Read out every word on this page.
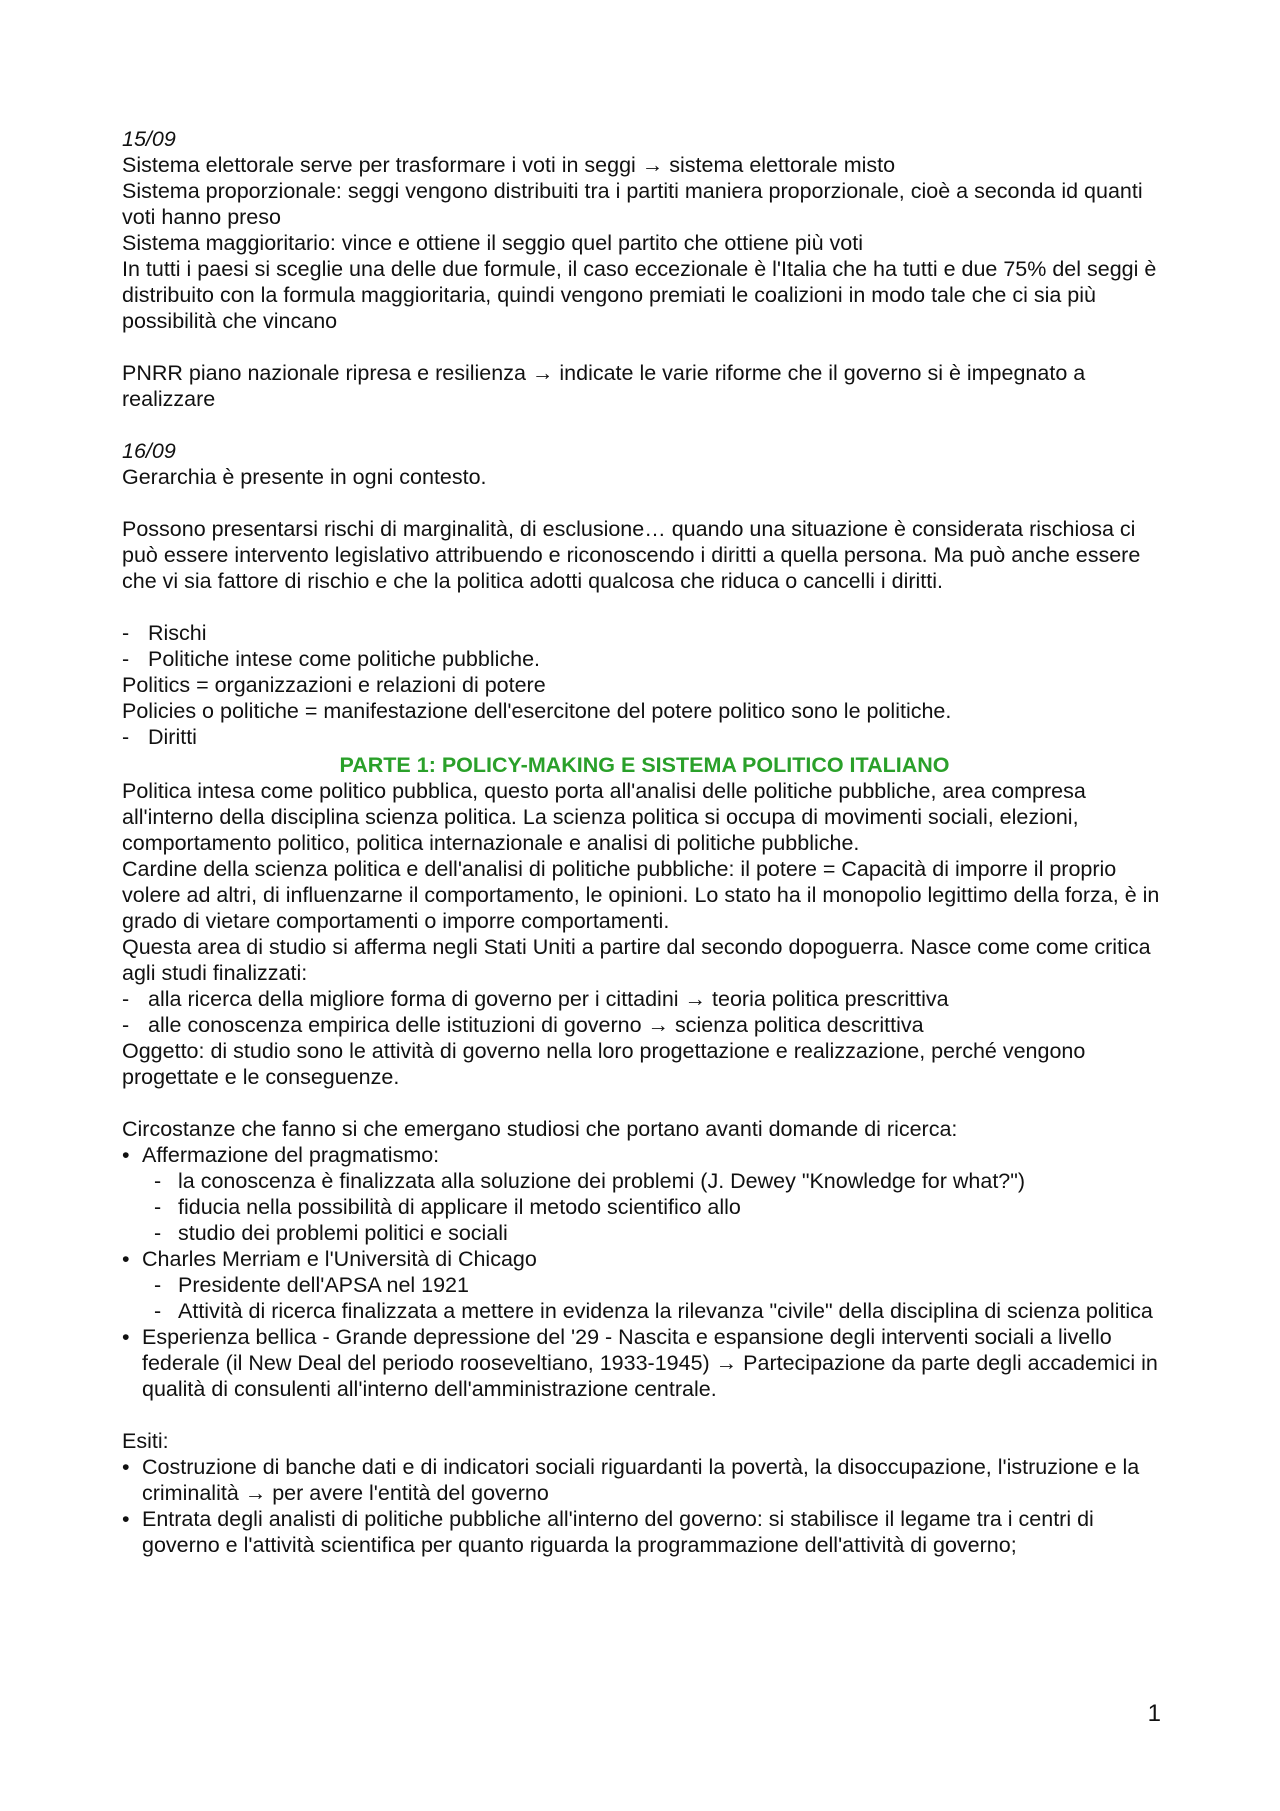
15/09

Sistema elettorale serve per trasformare i voti in seggi → sistema elettorale misto

Sistema proporzionale: seggi vengono distribuiti tra i partiti maniera proporzionale, cioè a seconda id quanti voti hanno preso

Sistema maggioritario: vince e ottiene il seggio quel partito che ottiene più voti

In tutti i paesi si sceglie una delle due formule, il caso eccezionale è l'Italia che ha tutti e due 75% del seggi è distribuito con la formula maggioritaria, quindi vengono premiati le coalizioni in modo tale che ci sia più possibilità che vincano

PNRR piano nazionale ripresa e resilienza → indicate le varie riforme che il governo si è impegnato a realizzare

16/09

Gerarchia è presente in ogni contesto.

Possono presentarsi rischi di marginalità, di esclusione… quando una situazione è considerata rischiosa ci può essere intervento legislativo attribuendo e riconoscendo i diritti a quella persona. Ma può anche essere che vi sia fattore di rischio e che la politica adotti qualcosa che riduca o cancelli i diritti.

- Rischi

- Politiche intese come politiche pubbliche.

Politics = organizzazioni e relazioni di potere

Policies o politiche = manifestazione dell'esercitone del potere politico sono le politiche.

- Diritti

PARTE 1: POLICY-MAKING E SISTEMA POLITICO ITALIANO

Politica intesa come politico pubblica, questo porta all'analisi delle politiche pubbliche, area compresa all'interno della disciplina scienza politica. La scienza politica si occupa di movimenti sociali, elezioni, comportamento politico, politica internazionale e analisi di politiche pubbliche.

Cardine della scienza politica e dell'analisi di politiche pubbliche: il potere = Capacità di imporre il proprio volere ad altri, di influenzarne il comportamento, le opinioni. Lo stato ha il monopolio legittimo della forza, è in grado di vietare comportamenti o imporre comportamenti.

Questa area di studio si afferma negli Stati Uniti a partire dal secondo dopoguerra. Nasce come come critica agli studi finalizzati:

- alla ricerca della migliore forma di governo per i cittadini → teoria politica prescrittiva

- alle conoscenza empirica delle istituzioni di governo → scienza politica descrittiva

Oggetto: di studio sono le attività di governo nella loro progettazione e realizzazione, perché vengono progettate e le conseguenze.

Circostanze che fanno si che emergano studiosi che portano avanti domande di ricerca:

• Affermazione del pragmatismo:

- la conoscenza è finalizzata alla soluzione dei problemi (J. Dewey "Knowledge for what?")

- fiducia nella possibilità di applicare il metodo scientifico allo

- studio dei problemi politici e sociali

• Charles Merriam e l'Università di Chicago

- Presidente dell'APSA nel 1921

- Attività di ricerca finalizzata a mettere in evidenza la rilevanza "civile" della disciplina di scienza politica

• Esperienza bellica - Grande depressione del '29 - Nascita e espansione degli interventi sociali a livello federale (il New Deal del periodo rooseveltiano, 1933-1945) → Partecipazione da parte degli accademici in qualità di consulenti all'interno dell'amministrazione centrale.

Esiti:

• Costruzione di banche dati e di indicatori sociali riguardanti la povertà, la disoccupazione, l'istruzione e la criminalità → per avere l'entità del governo

• Entrata degli analisti di politiche pubbliche all'interno del governo: si stabilisce il legame tra i centri di governo e l'attività scientifica per quanto riguarda la programmazione dell'attività di governo;

1
